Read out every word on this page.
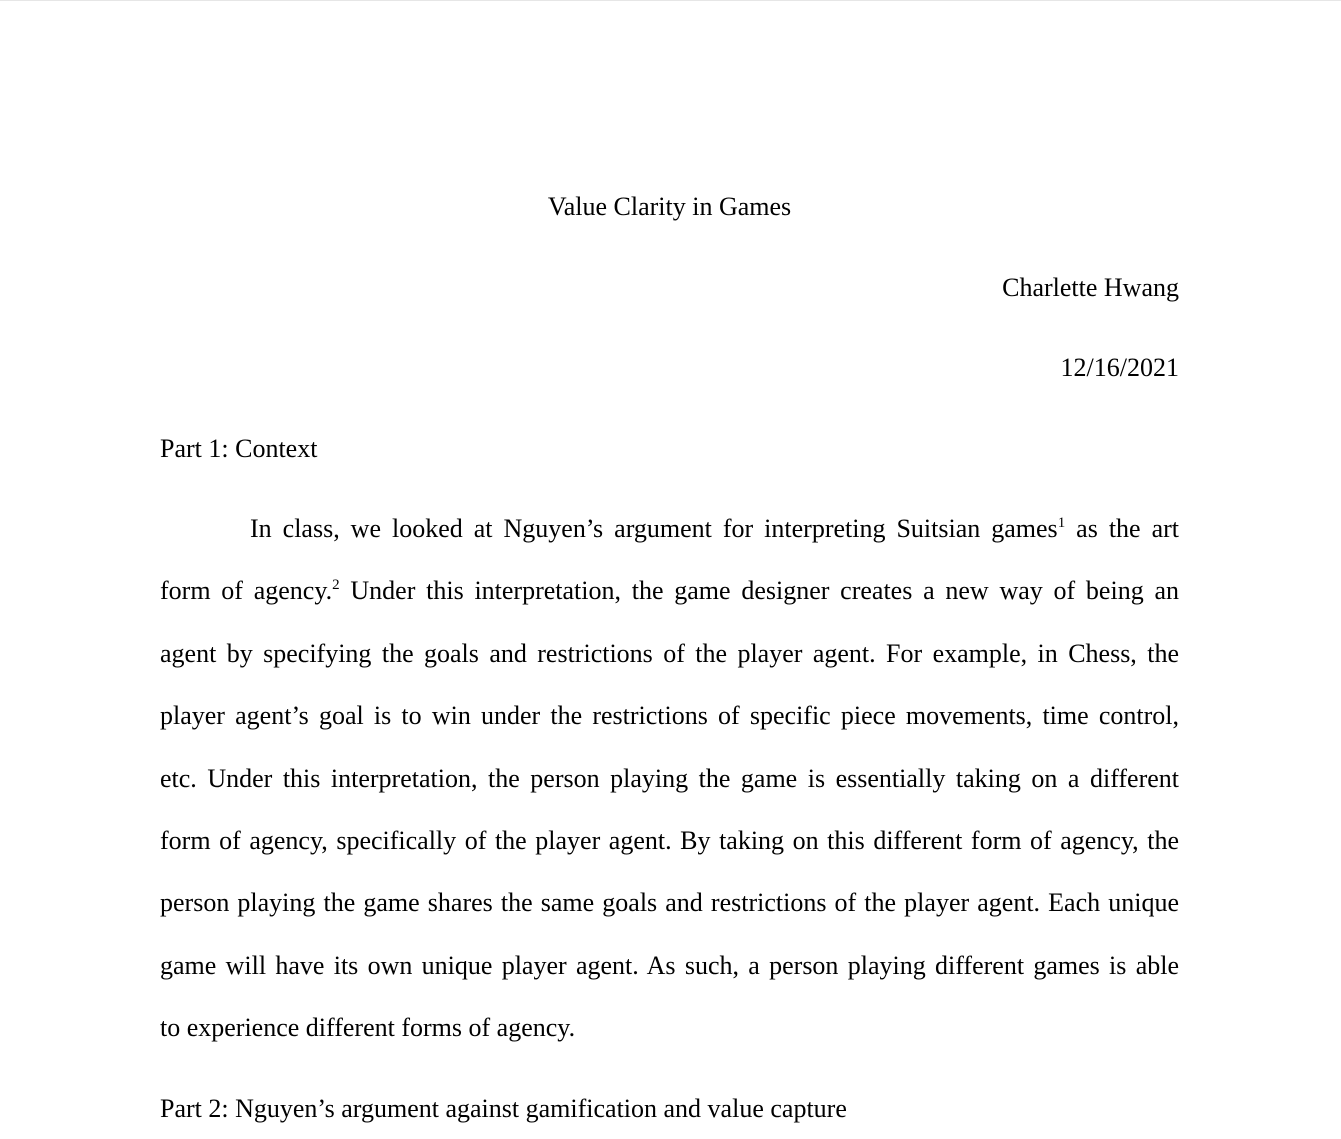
Value Clarity in Games
Charlette Hwang
12/16/2021
Part 1: Context
In class, we looked at Nguyen’s argument for interpreting Suitsian games$^1$ as the art
form of agency.$^2$ Under this interpretation, the game designer creates a new way of being an
agent by specifying the goals and restrictions of the player agent. For example, in Chess, the
player agent’s goal is to win under the restrictions of specific piece movements, time control,
etc. Under this interpretation, the person playing the game is essentially taking on a different
form of agency, specifically of the player agent. By taking on this different form of agency, the
person playing the game shares the same goals and restrictions of the player agent. Each unique
game will have its own unique player agent. As such, a person playing different games is able
to experience different forms of agency.
Part 2: Nguyen’s argument against gamification and value capture
